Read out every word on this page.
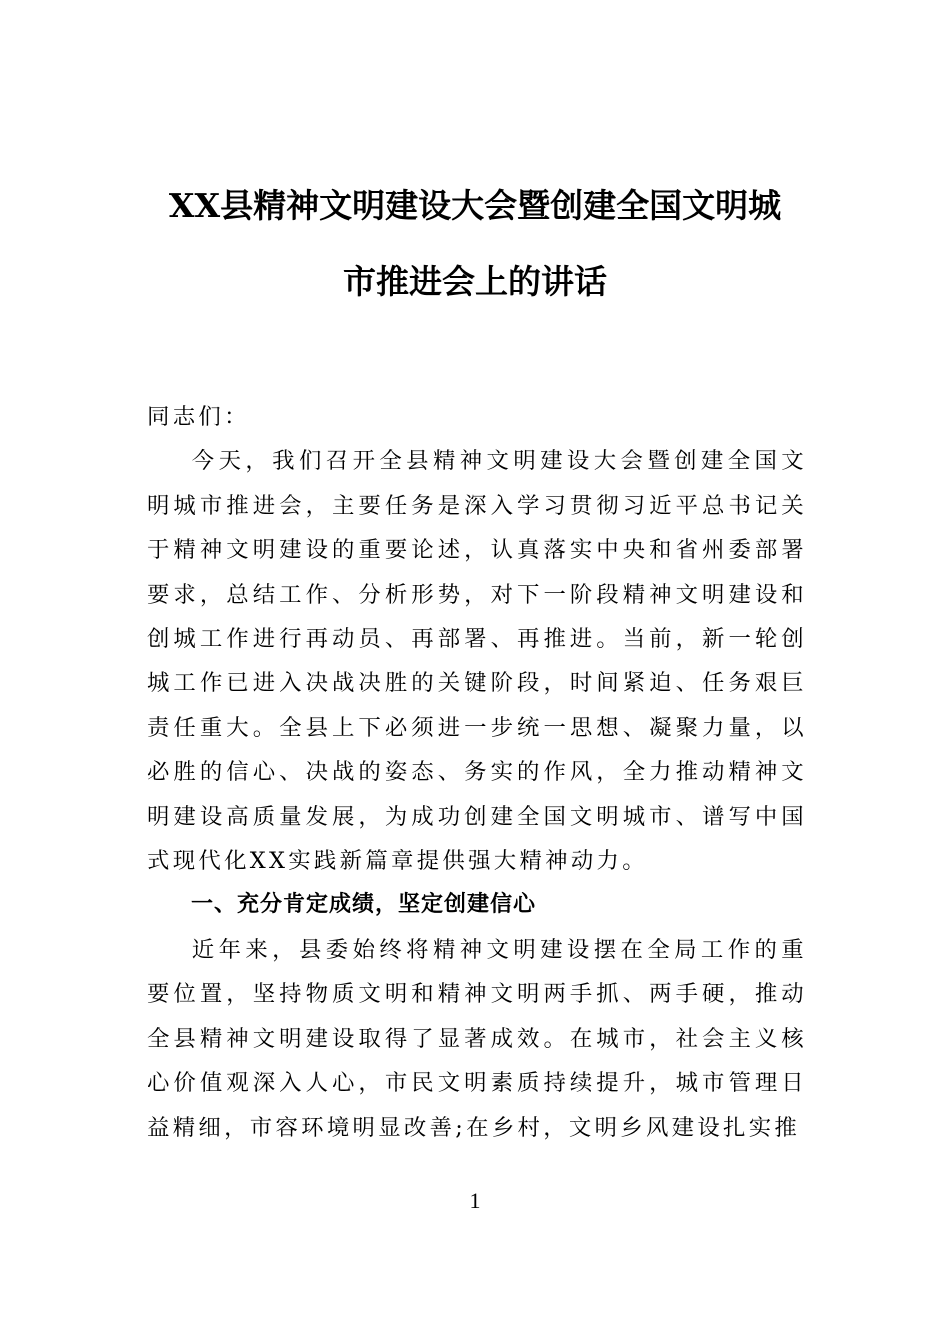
XX县精神文明建设大会暨创建全国文明城
市推进会上的讲话

同志们：

今天，我们召开全县精神文明建设大会暨创建全国文明城市推进会，主要任务是深入学习贯彻习近平总书记关于精神文明建设的重要论述，认真落实中央和省州委部署要求，总结工作、分析形势，对下一阶段精神文明建设和创城工作进行再动员、再部署、再推进。当前，新一轮创城工作已进入决战决胜的关键阶段，时间紧迫、任务艰巨责任重大。全县上下必须进一步统一思想、凝聚力量，以必胜的信心、决战的姿态、务实的作风，全力推动精神文明建设高质量发展，为成功创建全国文明城市、谱写中国式现代化XX实践新篇章提供强大精神动力。

一、充分肯定成绩，坚定创建信心

近年来，县委始终将精神文明建设摆在全局工作的重要位置，坚持物质文明和精神文明两手抓、两手硬，推动全县精神文明建设取得了显著成效。在城市，社会主义核心价值观深入人心，市民文明素质持续提升，城市管理日益精细，市容环境明显改善;在乡村，文明乡风建设扎实推

1
